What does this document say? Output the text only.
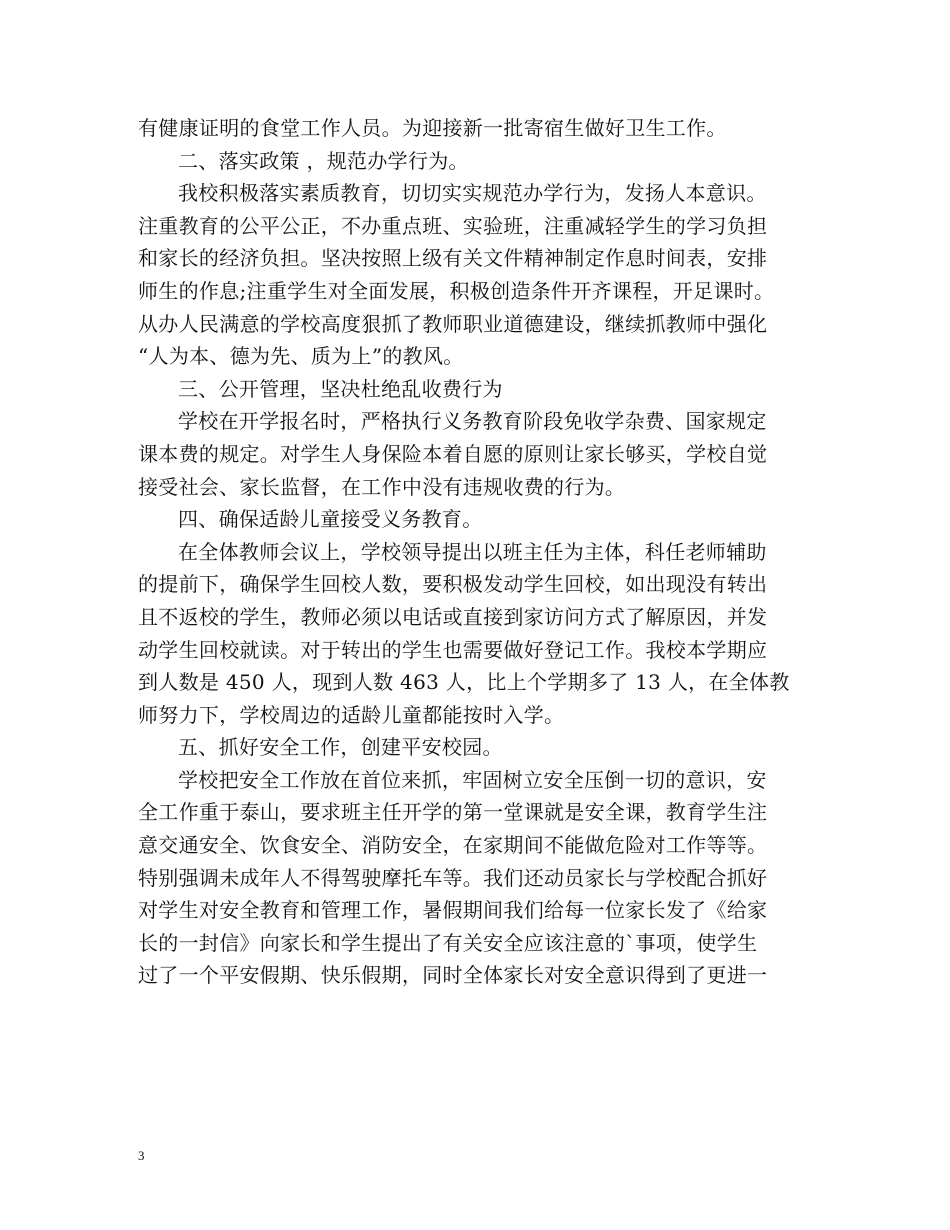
有健康证明的食堂工作人员。为迎接新一批寄宿生做好卫生工作。
二、落实政策 ，规范办学行为。
我校积极落实素质教育，切切实实规范办学行为，发扬人本意识。
注重教育的公平公正，不办重点班、实验班，注重减轻学生的学习负担
和家长的经济负担。坚决按照上级有关文件精神制定作息时间表，安排
师生的作息;注重学生对全面发展，积极创造条件开齐课程，开足课时。
从办人民满意的学校高度狠抓了教师职业道德建设，继续抓教师中强化
“人为本、德为先、质为上”的教风。
三、公开管理，坚决杜绝乱收费行为
学校在开学报名时，严格执行义务教育阶段免收学杂费、国家规定
课本费的规定。对学生人身保险本着自愿的原则让家长够买，学校自觉
接受社会、家长监督，在工作中没有违规收费的行为。
四、确保适龄儿童接受义务教育。
在全体教师会议上，学校领导提出以班主任为主体，科任老师辅助
的提前下，确保学生回校人数，要积极发动学生回校，如出现没有转出
且不返校的学生，教师必须以电话或直接到家访问方式了解原因，并发
动学生回校就读。对于转出的学生也需要做好登记工作。我校本学期应
到人数是 450 人，现到人数 463 人，比上个学期多了 13 人，在全体教
师努力下，学校周边的适龄儿童都能按时入学。
五、抓好安全工作，创建平安校园。
学校把安全工作放在首位来抓，牢固树立安全压倒一切的意识，安
全工作重于泰山，要求班主任开学的第一堂课就是安全课，教育学生注
意交通安全、饮食安全、消防安全，在家期间不能做危险对工作等等。
特别强调未成年人不得驾驶摩托车等。我们还动员家长与学校配合抓好
对学生对安全教育和管理工作，暑假期间我们给每一位家长发了《给家
长的一封信》向家长和学生提出了有关安全应该注意的`事项，使学生
过了一个平安假期、快乐假期，同时全体家长对安全意识得到了更进一
3
